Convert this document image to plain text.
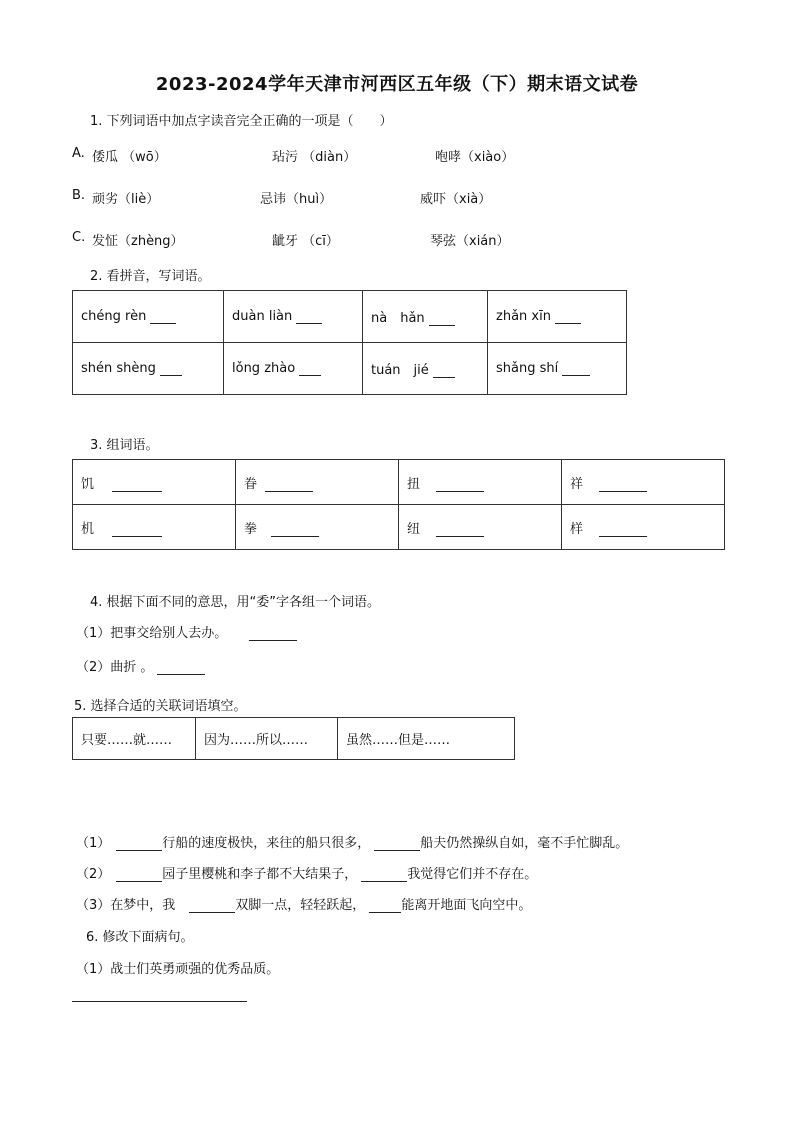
2023-2024学年天津市河西区五年级（下）期末语文试卷
1. 下列词语中加点字读音完全正确的一项是（　　）
A. 倭瓜 （wō）	玷污 （diàn）	咆哮（xiào）
B. 顽劣（liè）	忌讳（huì）	威吓（xià）
C. 发怔（zhèng）	龇牙 （cī）	琴弦（xián）
2. 看拼音，写词语。
chéng rèn	duàn liàn	nà　hǎn	zhǎn xīn
shén shèng	lǒng zhào	tuán　jié	shǎng shí
3. 组词语。
饥	眷	扭	祥
机	拳	纽	样
4. 根据下面不同的意思，用“委”字各组一个词语。
（1）把事交给别人去办。
（2）曲折 。
5. 选择合适的关联词语填空。
只要……就……	因为……所以……	虽然……但是……
（1）	行船的速度极快，来往的船只很多，	船夫仍然操纵自如，毫不手忙脚乱。
（2）	园子里樱桃和李子都不大结果子，	我觉得它们并不存在。
（3）在梦中，我	双脚一点，轻轻跃起，	能离开地面飞向空中。
6. 修改下面病句。
（1）战士们英勇顽强的优秀品质。
